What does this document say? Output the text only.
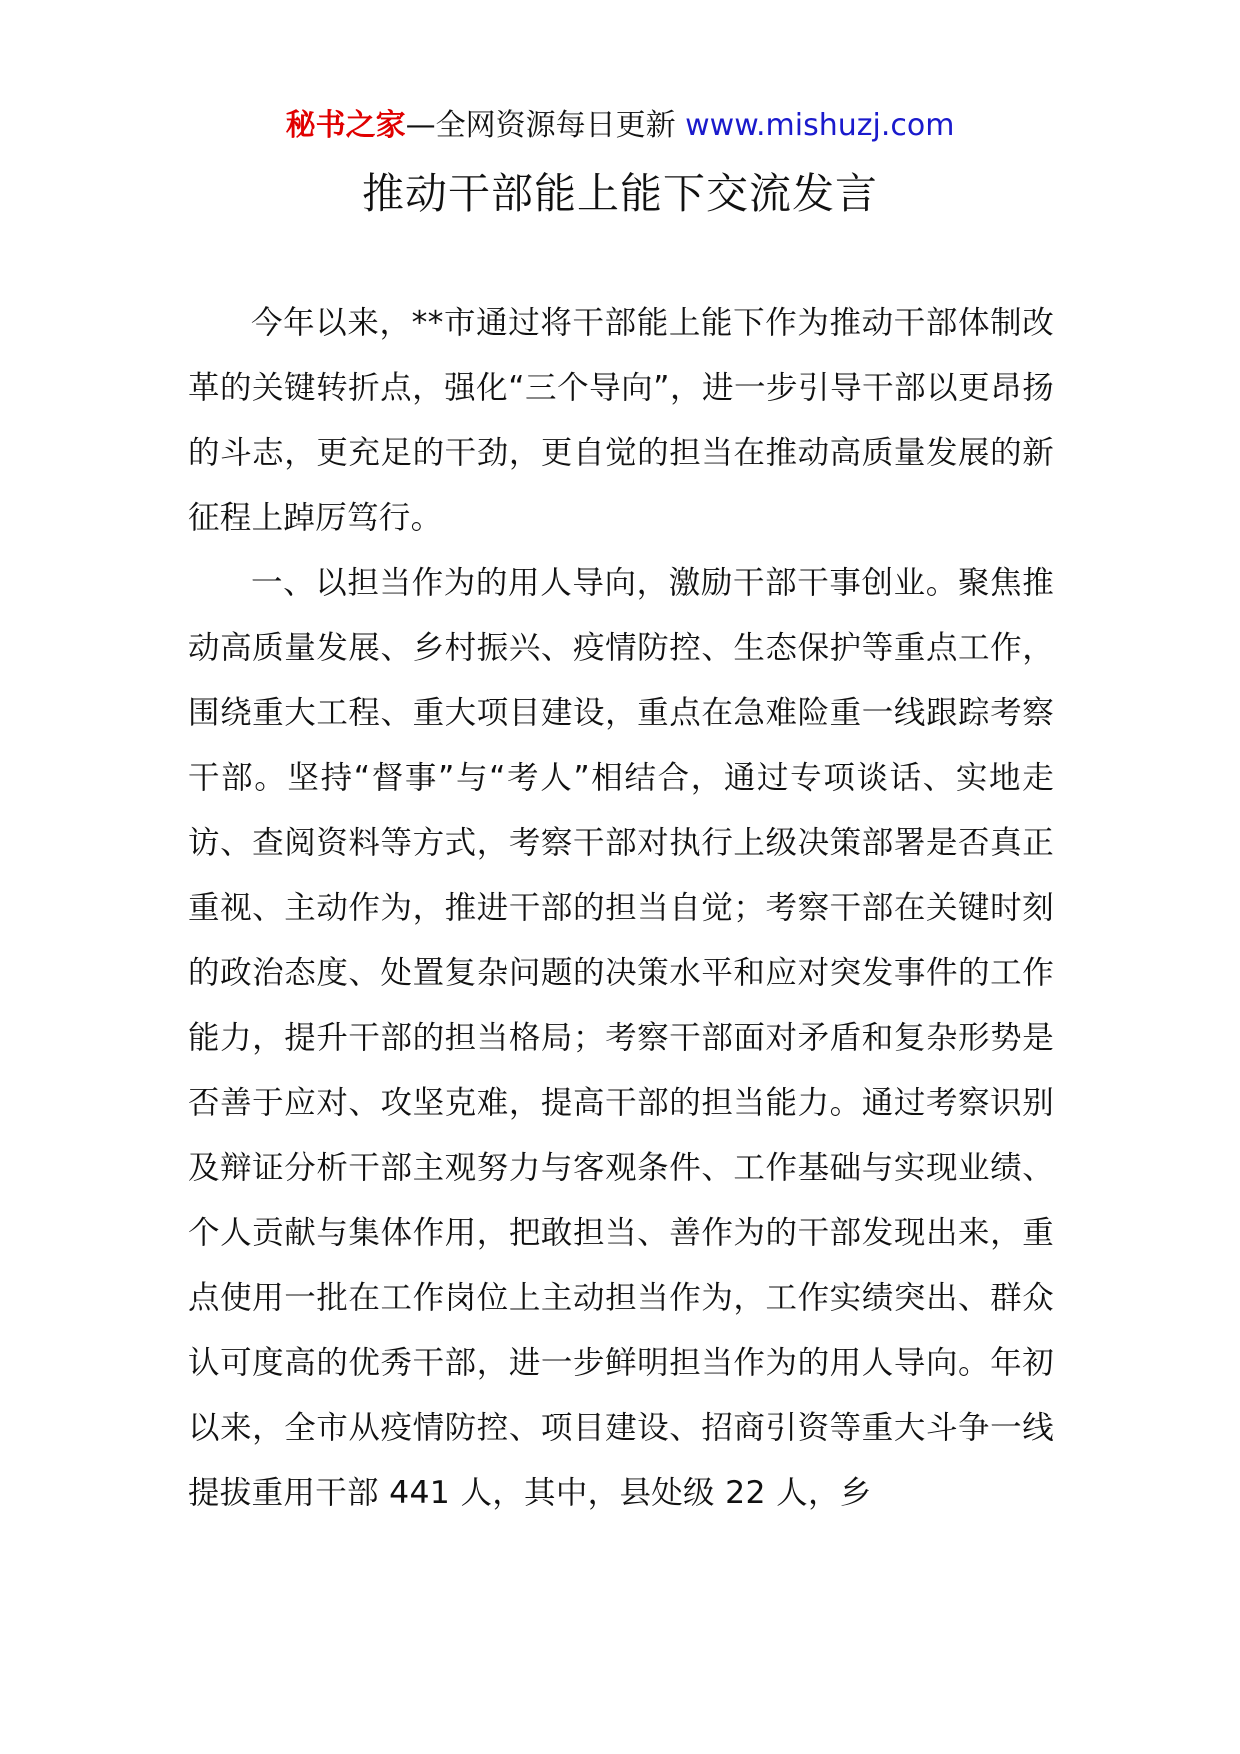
秘书之家—全网资源每日更新 www.mishuzj.com
推动干部能上能下交流发言

今年以来，**市通过将干部能上能下作为推动干部体制改革的关键转折点，强化“三个导向”，进一步引导干部以更昂扬的斗志，更充足的干劲，更自觉的担当在推动高质量发展的新征程上踔厉笃行。

一、以担当作为的用人导向，激励干部干事创业。聚焦推动高质量发展、乡村振兴、疫情防控、生态保护等重点工作，围绕重大工程、重大项目建设，重点在急难险重一线跟踪考察干部。坚持“督事”与“考人”相结合，通过专项谈话、实地走访、查阅资料等方式，考察干部对执行上级决策部署是否真正重视、主动作为，推进干部的担当自觉；考察干部在关键时刻的政治态度、处置复杂问题的决策水平和应对突发事件的工作能力，提升干部的担当格局；考察干部面对矛盾和复杂形势是否善于应对、攻坚克难，提高干部的担当能力。通过考察识别及辩证分析干部主观努力与客观条件、工作基础与实现业绩、个人贡献与集体作用，把敢担当、善作为的干部发现出来，重点使用一批在工作岗位上主动担当作为，工作实绩突出、群众认可度高的优秀干部，进一步鲜明担当作为的用人导向。年初以来，全市从疫情防控、项目建设、招商引资等重大斗争一线提拔重用干部 441 人，其中，县处级 22 人，乡
